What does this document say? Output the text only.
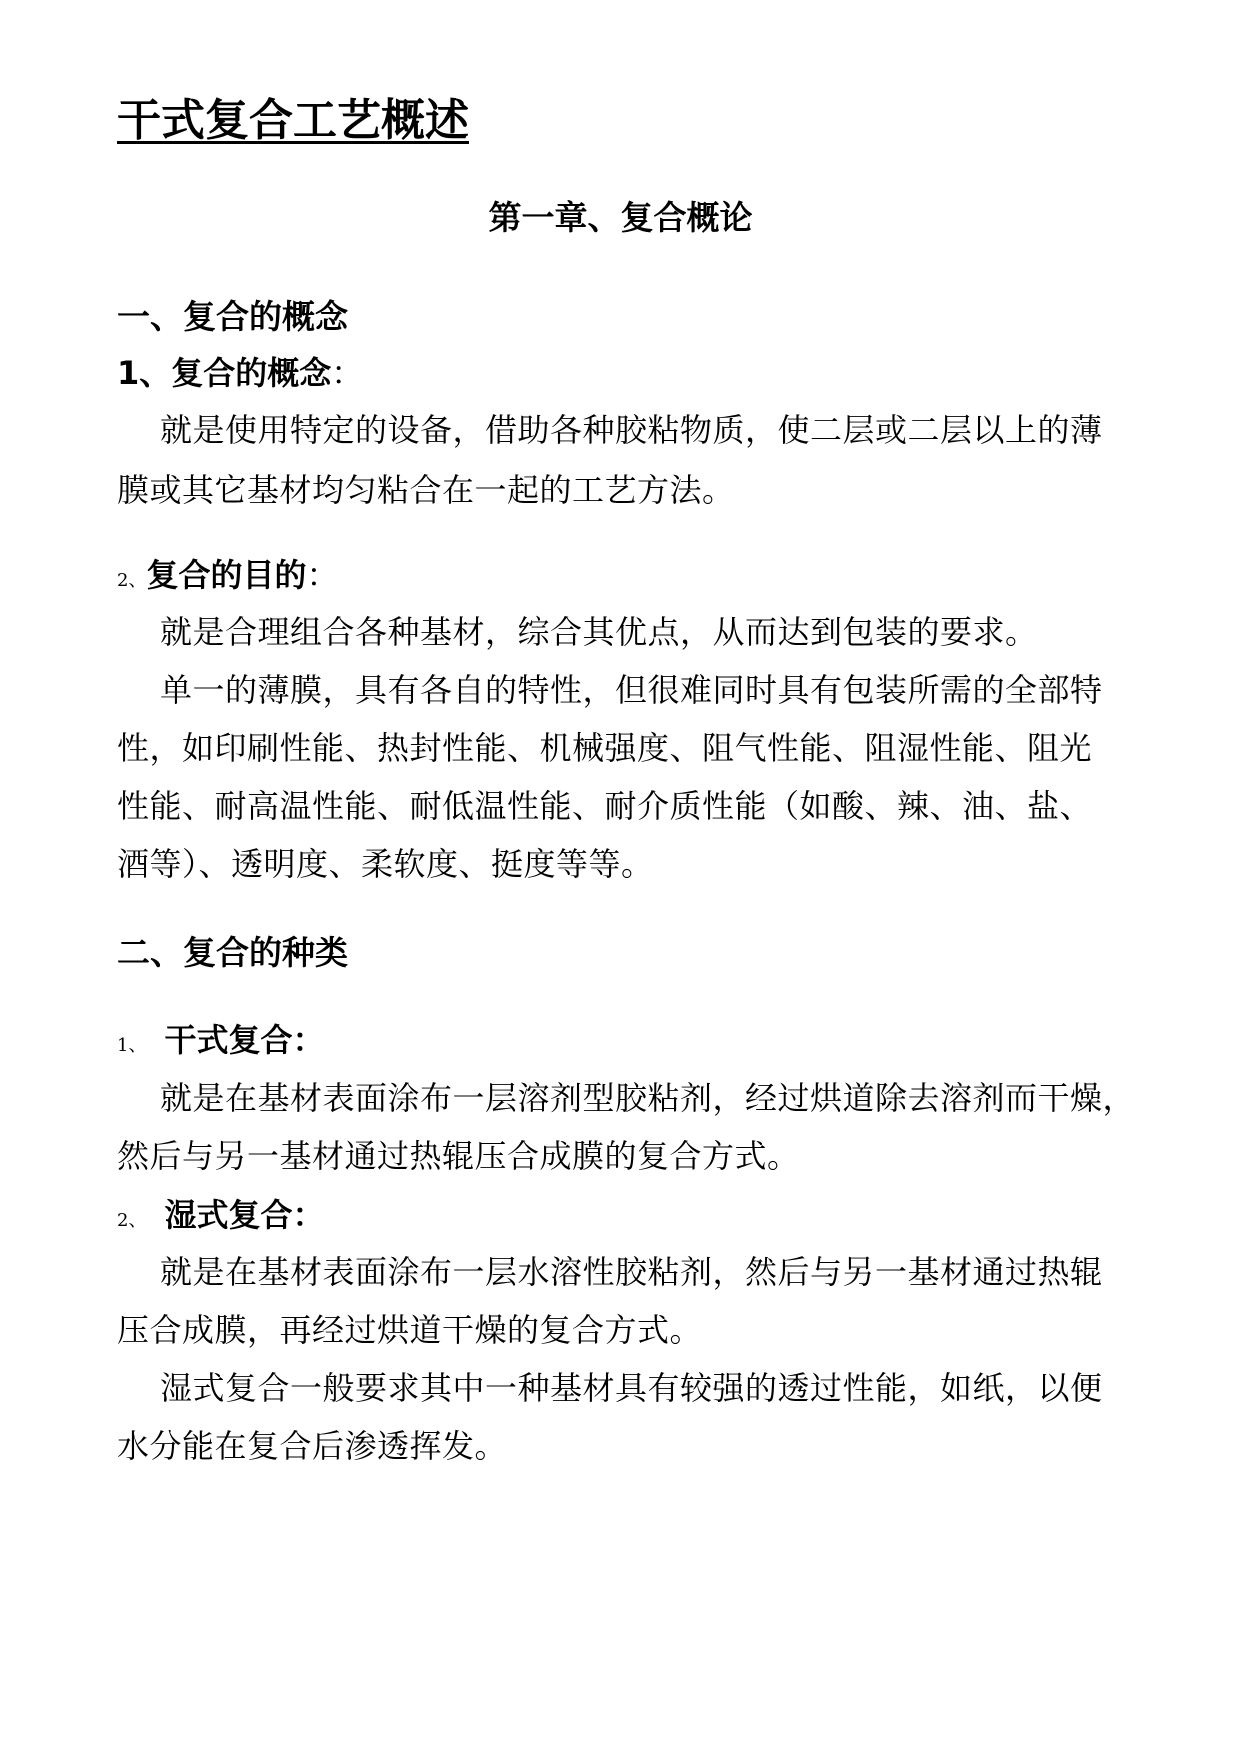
干式复合工艺概述
第一章、复合概论
一、复合的概念
1、复合的概念：
就是使用特定的设备，借助各种胶粘物质，使二层或二层以上的薄
膜或其它基材均匀粘合在一起的工艺方法。
2、复合的目的：
就是合理组合各种基材，综合其优点，从而达到包装的要求。
单一的薄膜，具有各自的特性，但很难同时具有包装所需的全部特
性，如印刷性能、热封性能、机械强度、阻气性能、阻湿性能、阻光
性能、耐高温性能、耐低温性能、耐介质性能（如酸、辣、油、盐、
酒等）、透明度、柔软度、挺度等等。
二、复合的种类
1、 干式复合：
就是在基材表面涂布一层溶剂型胶粘剂，经过烘道除去溶剂而干燥，
然后与另一基材通过热辊压合成膜的复合方式。
2、 湿式复合：
就是在基材表面涂布一层水溶性胶粘剂，然后与另一基材通过热辊
压合成膜，再经过烘道干燥的复合方式。
湿式复合一般要求其中一种基材具有较强的透过性能，如纸，以便
水分能在复合后渗透挥发。
